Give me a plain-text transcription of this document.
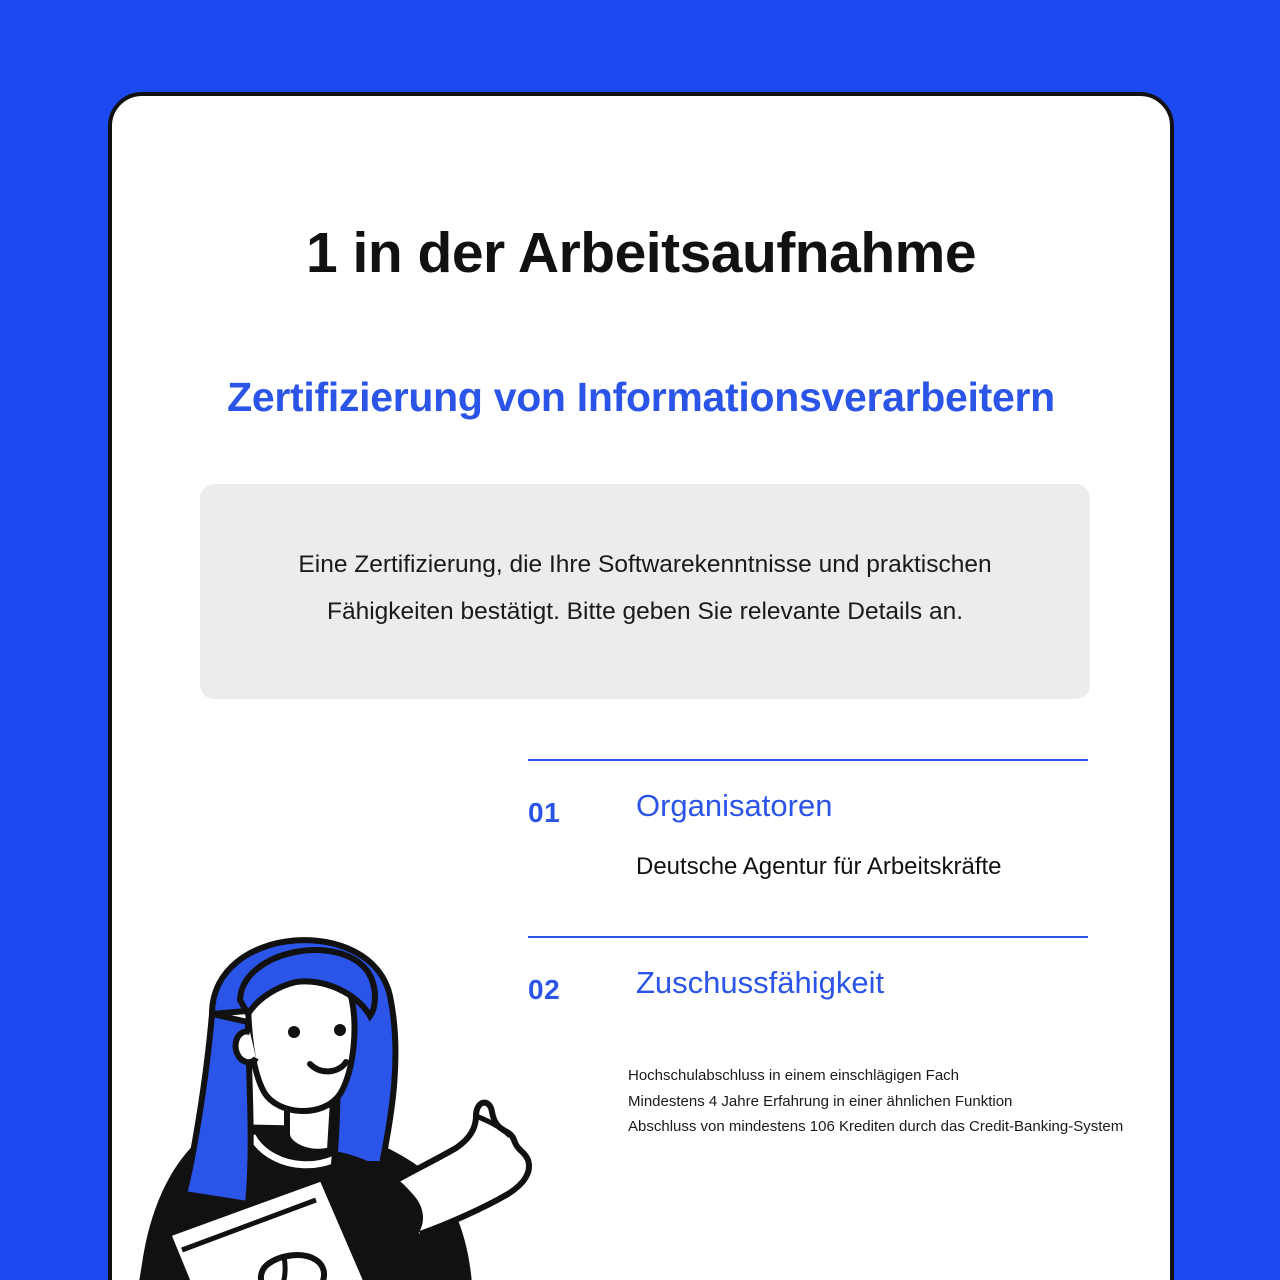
1 in der Arbeitsaufnahme
Zertifizierung von Informationsverarbeitern

Eine Zertifizierung, die Ihre Softwarekenntnisse und praktischen Fähigkeiten bestätigt. Bitte geben Sie relevante Details an.

01 Organisatoren
Deutsche Agentur für Arbeitskräfte
02 Zuschussfähigkeit
Hochschulabschluss in einem einschlägigen Fach
Mindestens 4 Jahre Erfahrung in einer ähnlichen Funktion
Abschluss von mindestens 106 Krediten durch das Credit-Banking-System
